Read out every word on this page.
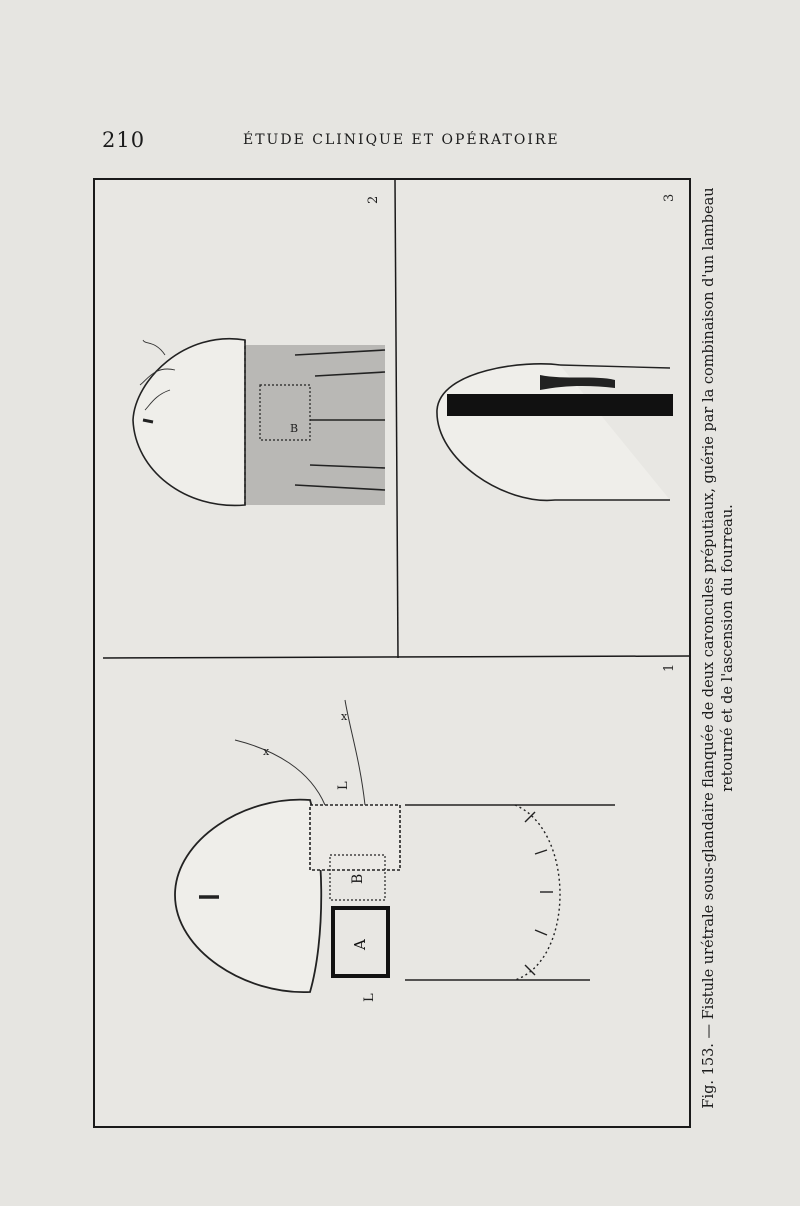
210	ÉTUDE CLINIQUE ET OPÉRATOIRE
B
2	3
A
B
x
x
L
L
1
Fig. 153. — Fistule urétrale sous-glandaire flanquée de deux caroncules préputiaux, guérie par la combinaison d'un lambeau retourné et de l'ascension du fourreau.
